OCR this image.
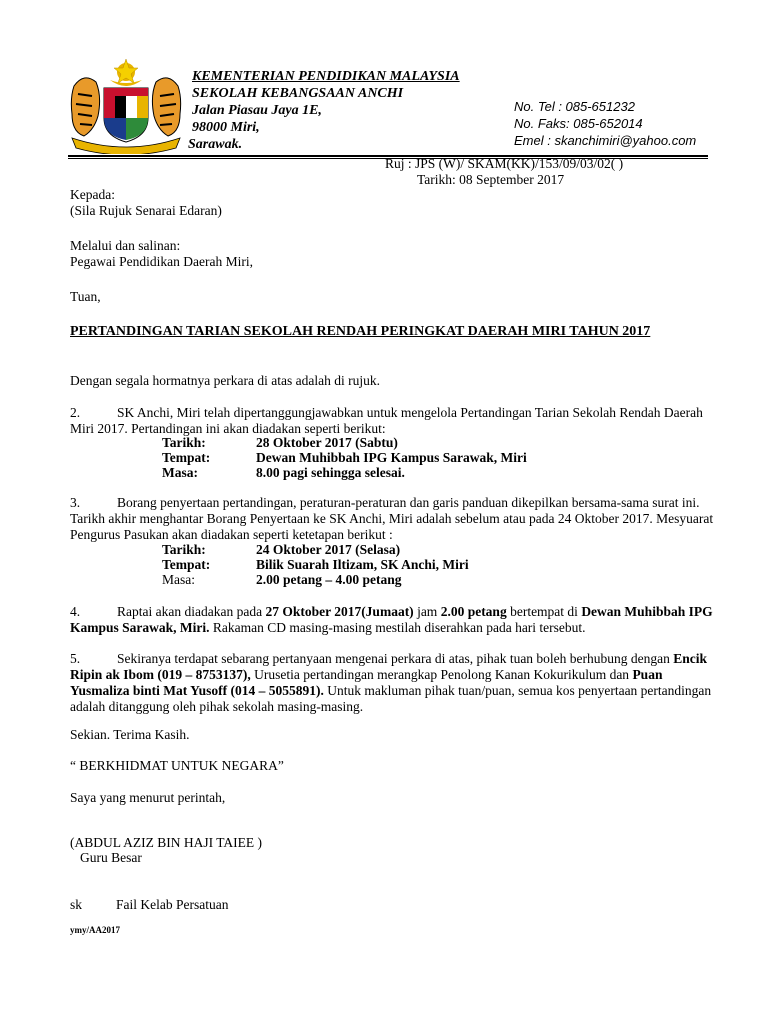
KEMENTERIAN PENDIDIKAN MALAYSIA
SEKOLAH KEBANGSAAN ANCHI
Jalan Piasau Jaya 1E,
98000 Miri,
Sarawak.
No. Tel : 085-651232
No. Faks: 085-652014
Emel : skanchimiri@yahoo.com
Ruj : JPS (W)/ SKAM(KK)/153/09/03/02( )
Tarikh: 08 September 2017
Kepada:
(Sila Rujuk Senarai Edaran)
Melalui dan salinan:
Pegawai Pendidikan Daerah Miri,
Tuan,
PERTANDINGAN TARIAN SEKOLAH RENDAH PERINGKAT DAERAH MIRI TAHUN 2017
Dengan segala hormatnya perkara di atas adalah di rujuk.
2.	SK Anchi, Miri telah dipertanggungjawabkan untuk mengelola Pertandingan Tarian Sekolah Rendah Daerah Miri 2017. Pertandingan ini akan diadakan seperti berikut:
Tarikh:	28 Oktober 2017 (Sabtu)
Tempat:	Dewan Muhibbah IPG Kampus Sarawak, Miri
Masa:	8.00 pagi sehingga selesai.
3.	Borang penyertaan pertandingan, peraturan-peraturan dan garis panduan dikepilkan bersama-sama surat ini. Tarikh akhir menghantar Borang Penyertaan ke SK Anchi, Miri adalah sebelum atau pada 24 Oktober 2017. Mesyuarat Pengurus Pasukan akan diadakan seperti ketetapan berikut :
Tarikh:	24 Oktober 2017 (Selasa)
Tempat:	Bilik Suarah Iltizam, SK Anchi, Miri
Masa:	2.00 petang – 4.00 petang
4.	Raptai akan diadakan pada 27 Oktober 2017(Jumaat) jam 2.00 petang bertempat di Dewan Muhibbah IPG Kampus Sarawak, Miri. Rakaman CD masing-masing mestilah diserahkan pada hari tersebut.
5.	Sekiranya terdapat sebarang pertanyaan mengenai perkara di atas, pihak tuan boleh berhubung dengan Encik Ripin ak Ibom (019 – 8753137), Urusetia pertandingan merangkap Penolong Kanan Kokurikulum dan Puan Yusmaliza binti Mat Yusoff (014 – 5055891). Untuk makluman pihak tuan/puan, semua kos penyertaan pertandingan adalah ditanggung oleh pihak sekolah masing-masing.
Sekian. Terima Kasih.
“ BERKHIDMAT UNTUK NEGARA”
Saya yang menurut perintah,
(ABDUL AZIZ BIN HAJI TAIEE )
Guru Besar
sk	Fail Kelab Persatuan
ymy/AA2017
